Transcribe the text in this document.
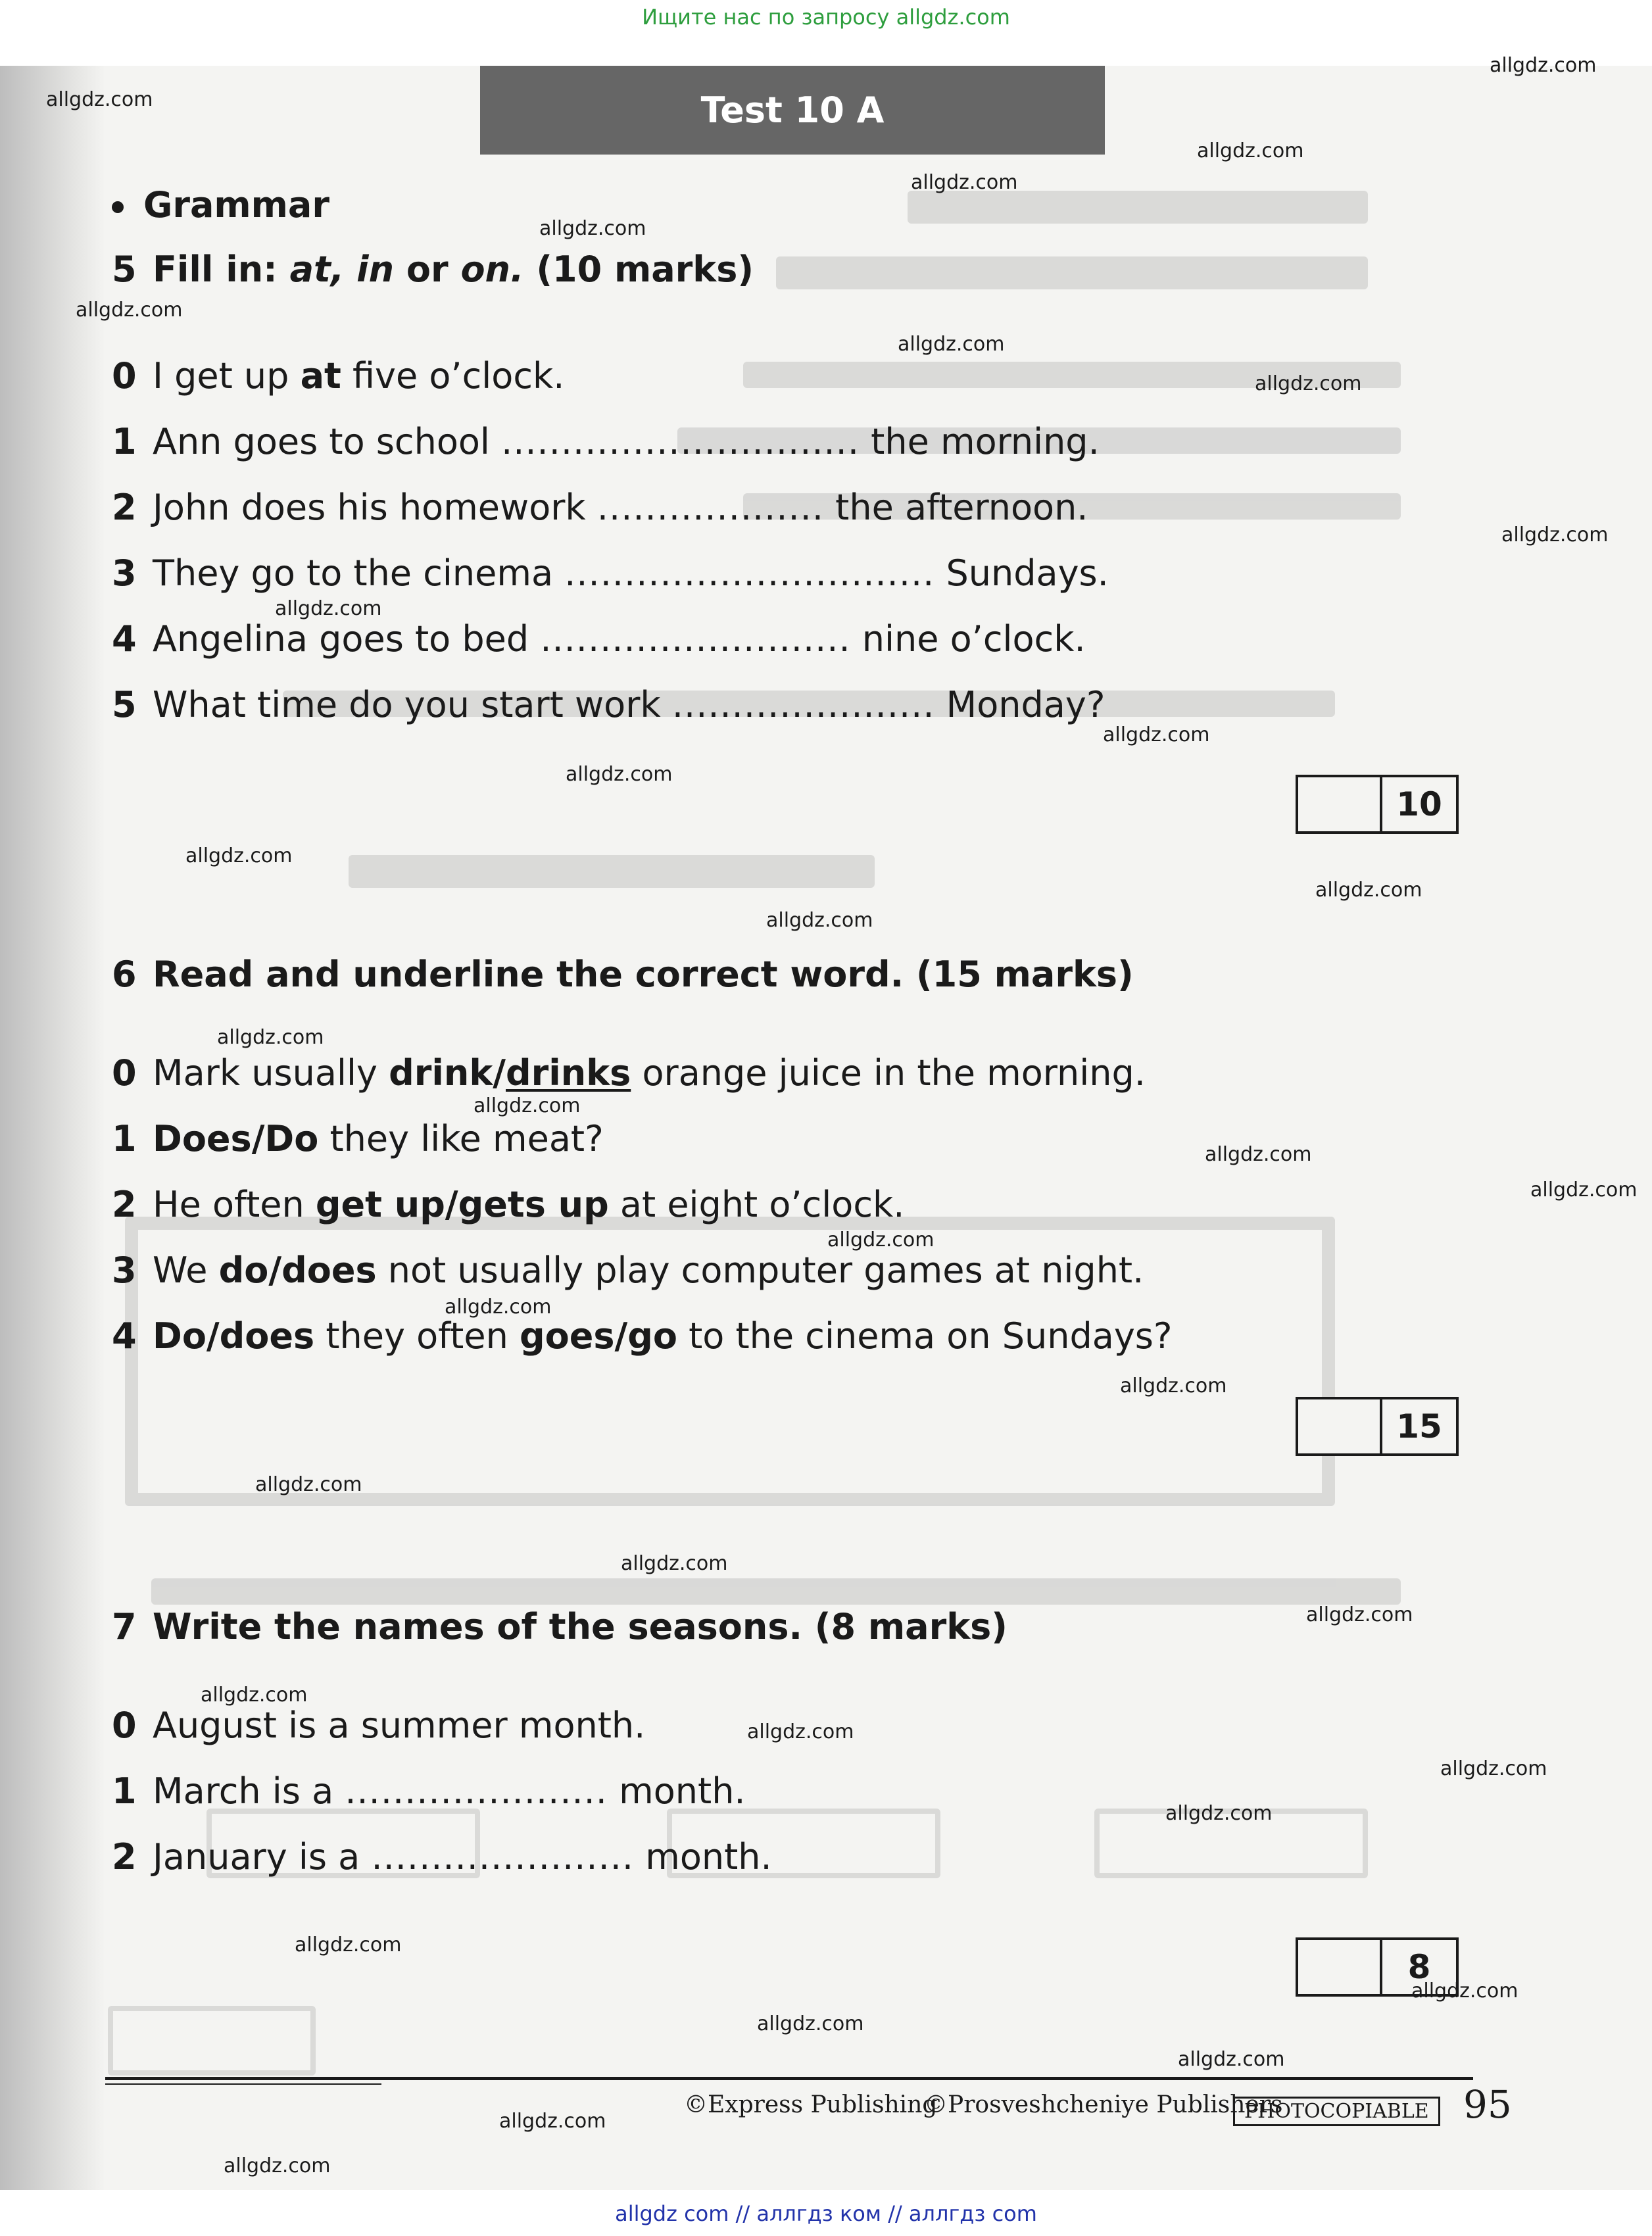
Ищите нас по запросу allgdz.com
Test 10 A
Grammar
5 Fill in: at, in or on. (10 marks)
0 I get up at five o’clock.
1 Ann goes to school .............................. the morning.
2 John does his homework ................... the afternoon.
3 They go to the cinema ............................... Sundays.
4 Angelina goes to bed .......................... nine o’clock.
5 What time do you start work ...................... Monday?
10
6 Read and underline the correct word. (15 marks)
0 Mark usually drink/drinks orange juice in the morning.
1 Does/Do they like meat?
2 He often get up/gets up at eight o’clock.
3 We do/does not usually play computer games at night.
4 Do/does they often goes/go to the cinema on Sundays?
15
7 Write the names of the seasons. (8 marks)
0 August is a summer month.
1 March is a ...................... month.
2 January is a ...................... month.
8
©Express Publishing
©Prosveshcheniye Publishers
PHOTOCOPIABLE 95
allgdz.com
allgdz.com
allgdz.com
allgdz.com
allgdz.com
allgdz.com
allgdz.com
allgdz.com
allgdz.com
allgdz.com
allgdz.com
allgdz.com
allgdz.com
allgdz.com
allgdz.com
allgdz.com
allgdz.com
allgdz.com
allgdz.com
allgdz.com
allgdz.com
allgdz.com
allgdz.com
allgdz.com
allgdz.com
allgdz.com
allgdz.com
allgdz.com
allgdz.com
allgdz.com
allgdz.com
allgdz.com
allgdz.com
allgdz.com
allgdz.com
allgdz com // аллгдз ком // аллгдз com
